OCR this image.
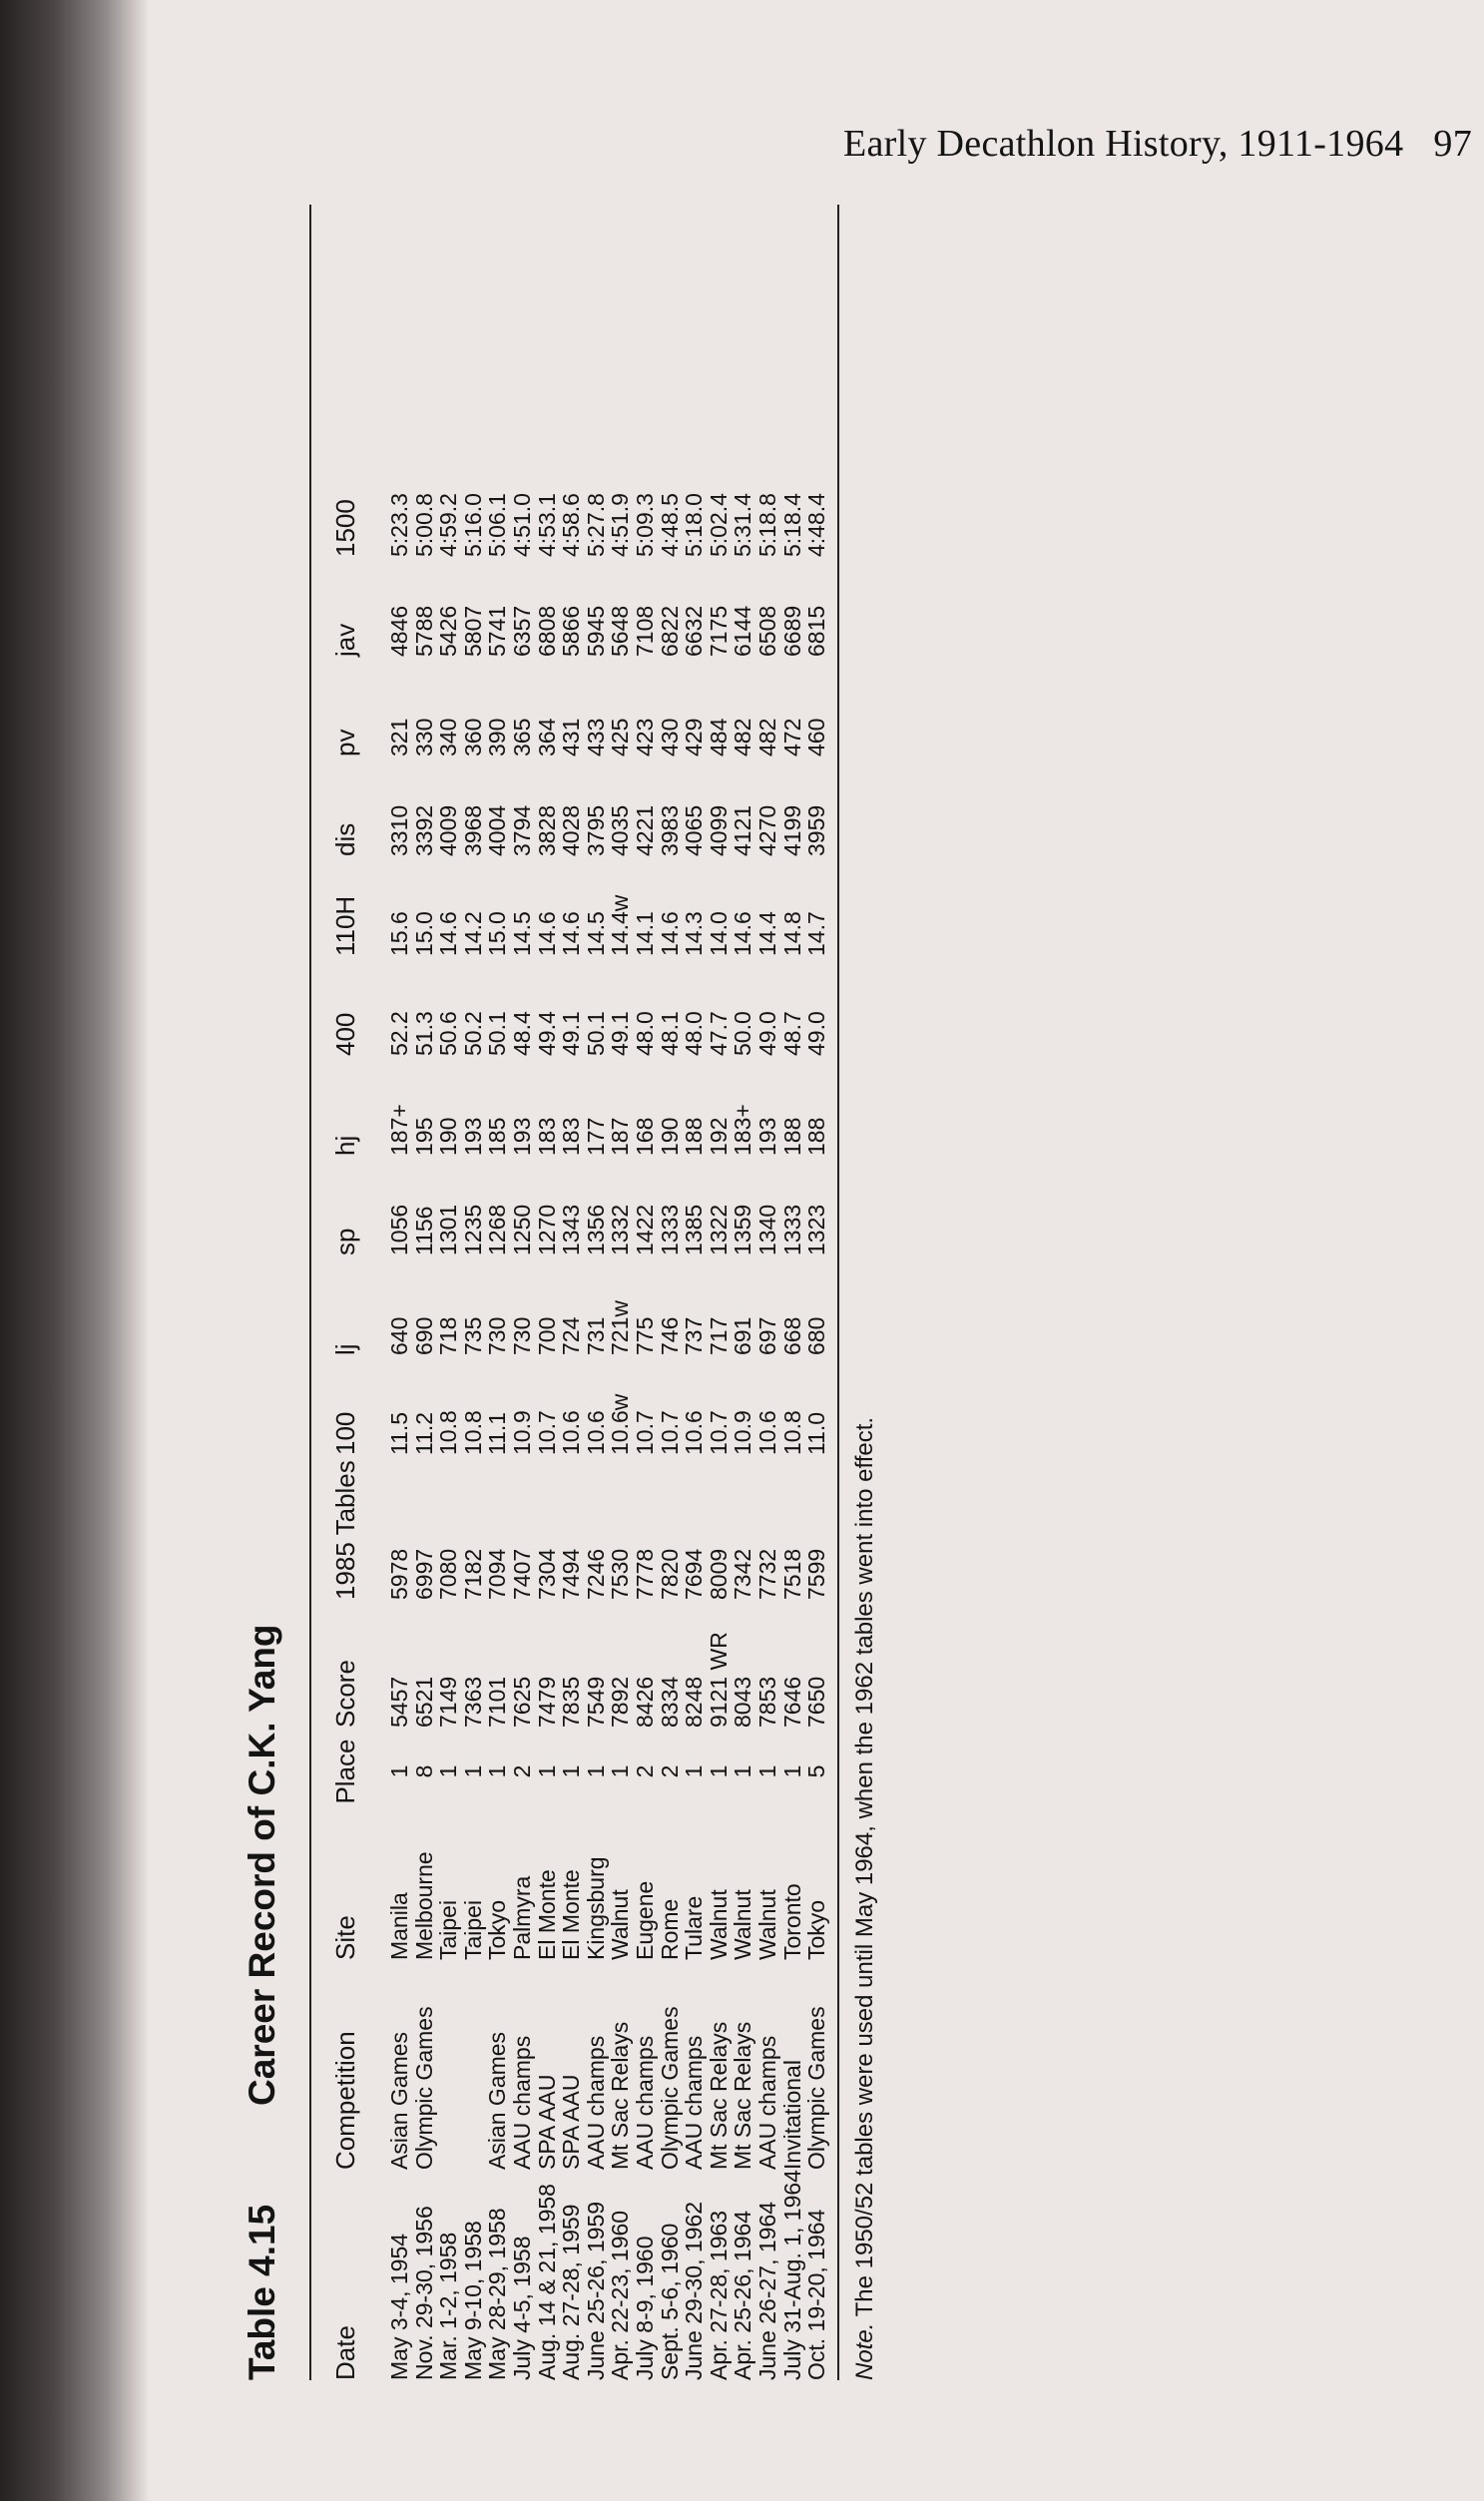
Early Decathlon History, 1911-1964 97
Table 4.15
Career Record of C.K. Yang
Date	Competition	Site	Place	Score	1985 Tables	100	lj	sp	hj	400	110H	dis	pv	jav	1500
May 3-4, 1954	Asian Games	Manila	1	5457	5978	11.5	640	1056	187+	52.2	15.6	3310	321	4846	5:23.3
Nov. 29-30, 1956	Olympic Games	Melbourne	8	6521	6997	11.2	690	1156	195	51.3	15.0	3392	330	5788	5:00.8
Mar. 1-2, 1958		Taipei	1	7149	7080	10.8	718	1301	190	50.6	14.6	4009	340	5426	4:59.2
May 9-10, 1958		Taipei	1	7363	7182	10.8	735	1235	193	50.2	14.2	3968	360	5807	5:16.0
May 28-29, 1958	Asian Games	Tokyo	1	7101	7094	11.1	730	1268	185	50.1	15.0	4004	390	5741	5:06.1
July 4-5, 1958	AAU champs	Palmyra	2	7625	7407	10.9	730	1250	193	48.4	14.5	3794	365	6357	4:51.0
Aug. 14 & 21, 1958	SPA AAU	El Monte	1	7479	7304	10.7	700	1270	183	49.4	14.6	3828	364	6808	4:53.1
Aug. 27-28, 1959	SPA AAU	El Monte	1	7835	7494	10.6	724	1343	183	49.1	14.6	4028	431	5866	4:58.6
June 25-26, 1959	AAU champs	Kingsburg	1	7549	7246	10.6	731	1356	177	50.1	14.5	3795	433	5945	5:27.8
Apr. 22-23, 1960	Mt Sac Relays	Walnut	1	7892	7530	10.6w	721w	1332	187	49.1	14.4w	4035	425	5648	4:51.9
July 8-9, 1960	AAU champs	Eugene	2	8426	7778	10.7	775	1422	168	48.0	14.1	4221	423	7108	5:09.3
Sept. 5-6, 1960	Olympic Games	Rome	2	8334	7820	10.7	746	1333	190	48.1	14.6	3983	430	6822	4:48.5
June 29-30, 1962	AAU champs	Tulare	1	8248	7694	10.6	737	1385	188	48.0	14.3	4065	429	6632	5:18.0
Apr. 27-28, 1963	Mt Sac Relays	Walnut	1	9121 WR	8009	10.7	717	1322	192	47.7	14.0	4099	484	7175	5:02.4
Apr. 25-26, 1964	Mt Sac Relays	Walnut	1	8043	7342	10.9	691	1359	183+	50.0	14.6	4121	482	6144	5:31.4
June 26-27, 1964	AAU champs	Walnut	1	7853	7732	10.6	697	1340	193	49.0	14.4	4270	482	6508	5:18.8
July 31-Aug. 1, 1964	Invitational	Toronto	1	7646	7518	10.8	668	1333	188	48.7	14.8	4199	472	6689	5:18.4
Oct. 19-20, 1964	Olympic Games	Tokyo	5	7650	7599	11.0	680	1323	188	49.0	14.7	3959	460	6815	4:48.4
Note. The 1950/52 tables were used until May 1964, when the 1962 tables went into effect.
